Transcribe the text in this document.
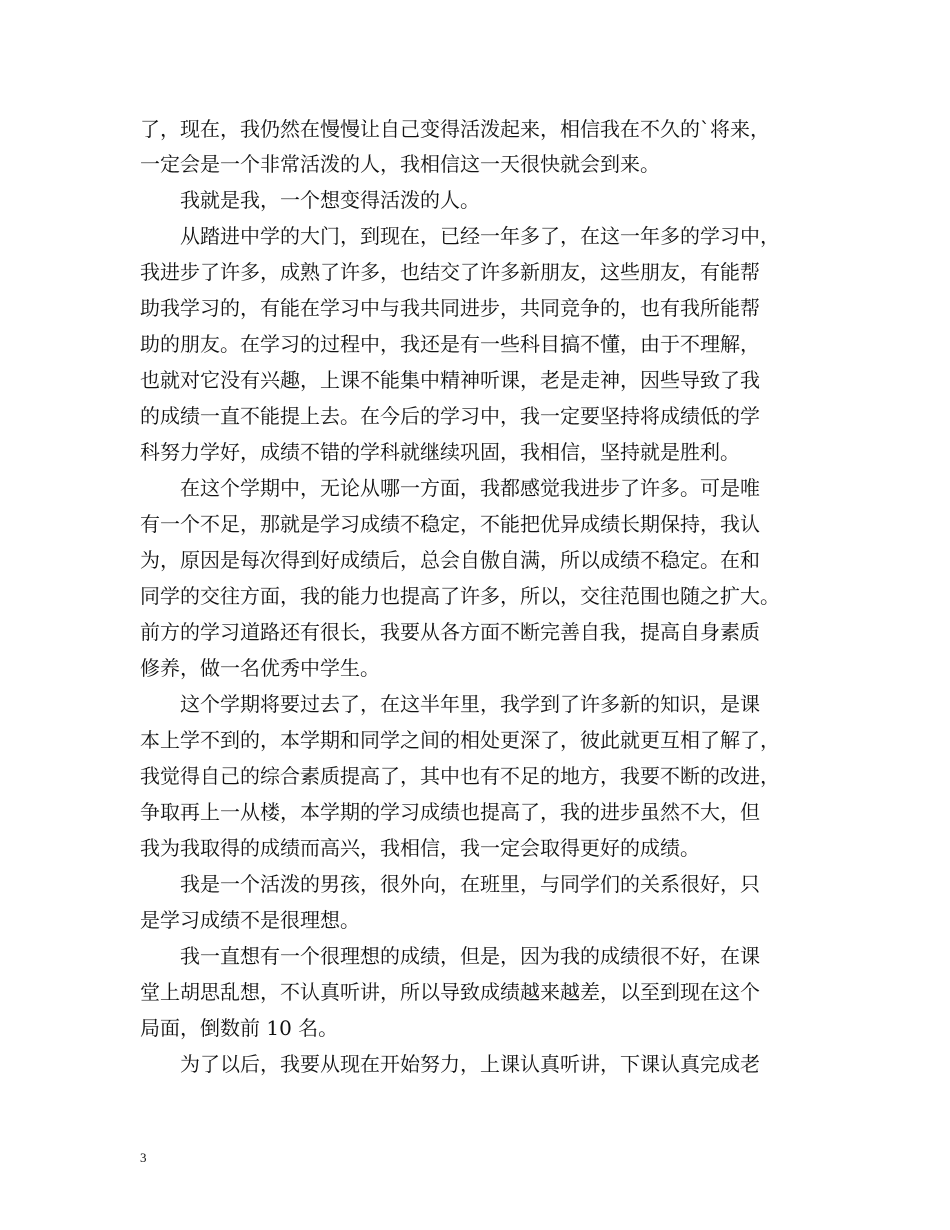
了，现在，我仍然在慢慢让自己变得活泼起来，相信我在不久的`将来，
一定会是一个非常活泼的人，我相信这一天很快就会到来。
我就是我，一个想变得活泼的人。
从踏进中学的大门，到现在，已经一年多了，在这一年多的学习中，
我进步了许多，成熟了许多，也结交了许多新朋友，这些朋友，有能帮
助我学习的，有能在学习中与我共同进步，共同竞争的，也有我所能帮
助的朋友。在学习的过程中，我还是有一些科目搞不懂，由于不理解，
也就对它没有兴趣，上课不能集中精神听课，老是走神，因些导致了我
的成绩一直不能提上去。在今后的学习中，我一定要坚持将成绩低的学
科努力学好，成绩不错的学科就继续巩固，我相信，坚持就是胜利。
在这个学期中，无论从哪一方面，我都感觉我进步了许多。可是唯
有一个不足，那就是学习成绩不稳定，不能把优异成绩长期保持，我认
为，原因是每次得到好成绩后，总会自傲自满，所以成绩不稳定。在和
同学的交往方面，我的能力也提高了许多，所以，交往范围也随之扩大。
前方的学习道路还有很长，我要从各方面不断完善自我，提高自身素质
修养，做一名优秀中学生。
这个学期将要过去了，在这半年里，我学到了许多新的知识，是课
本上学不到的，本学期和同学之间的相处更深了，彼此就更互相了解了，
我觉得自己的综合素质提高了，其中也有不足的地方，我要不断的改进，
争取再上一从楼，本学期的学习成绩也提高了，我的进步虽然不大，但
我为我取得的成绩而高兴，我相信，我一定会取得更好的成绩。
我是一个活泼的男孩，很外向，在班里，与同学们的关系很好，只
是学习成绩不是很理想。
我一直想有一个很理想的成绩，但是，因为我的成绩很不好，在课
堂上胡思乱想，不认真听讲，所以导致成绩越来越差，以至到现在这个
局面，倒数前 10 名。
为了以后，我要从现在开始努力，上课认真听讲，下课认真完成老
3
